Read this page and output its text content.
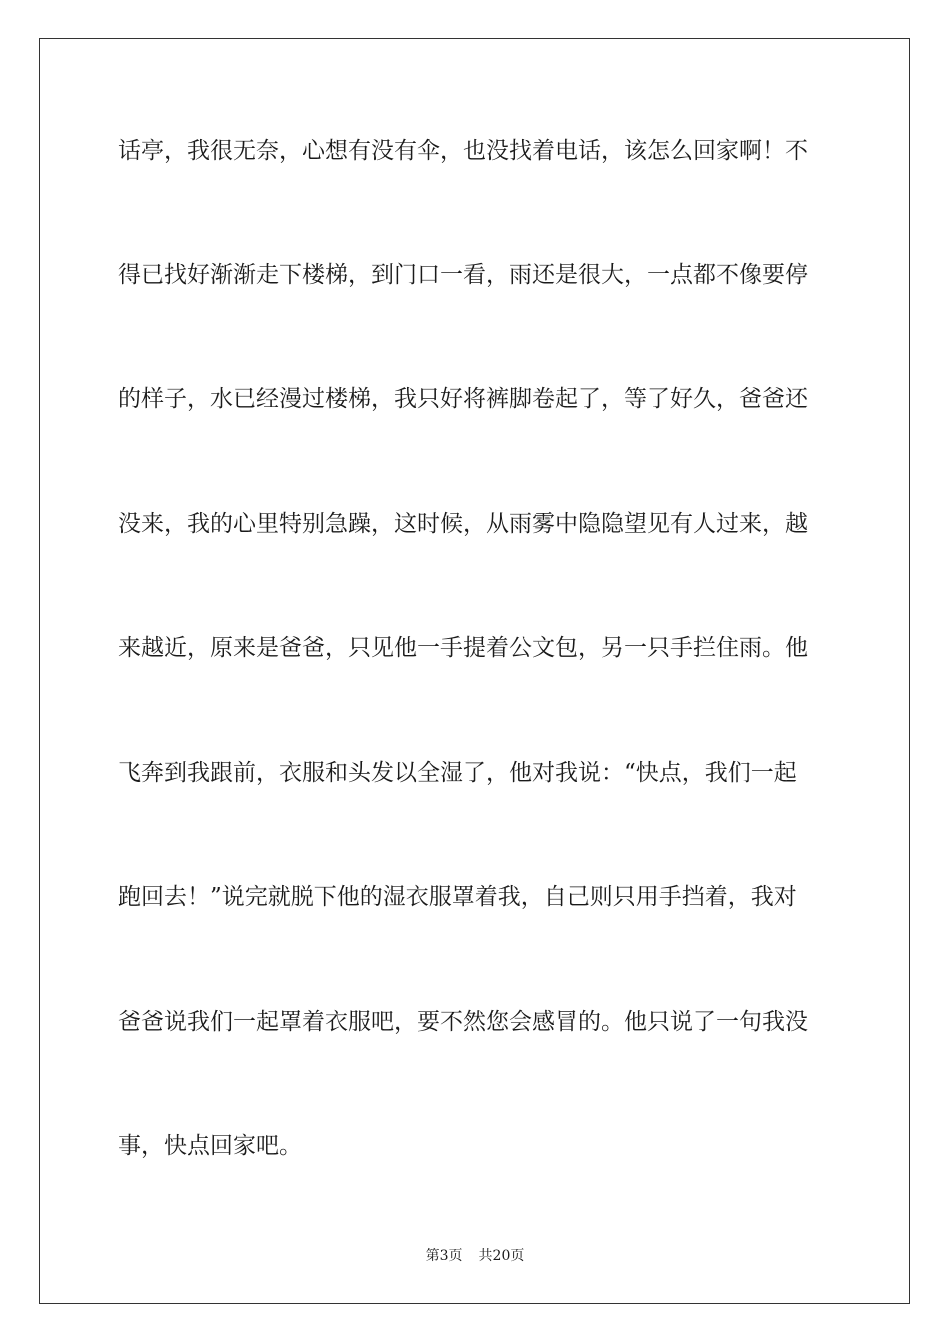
话亭，我很无奈，心想有没有伞，也没找着电话，该怎么回家啊！不
得已找好渐渐走下楼梯，到门口一看，雨还是很大，一点都不像要停
的样子，水已经漫过楼梯，我只好将裤脚卷起了，等了好久，爸爸还
没来，我的心里特别急躁，这时候，从雨雾中隐隐望见有人过来，越
来越近，原来是爸爸，只见他一手提着公文包，另一只手拦住雨。他
飞奔到我跟前，衣服和头发以全湿了，他对我说：“快点，我们一起
跑回去！”说完就脱下他的湿衣服罩着我，自己则只用手挡着，我对
爸爸说我们一起罩着衣服吧，要不然您会感冒的。他只说了一句我没
事，快点回家吧。
第3页 共20页
